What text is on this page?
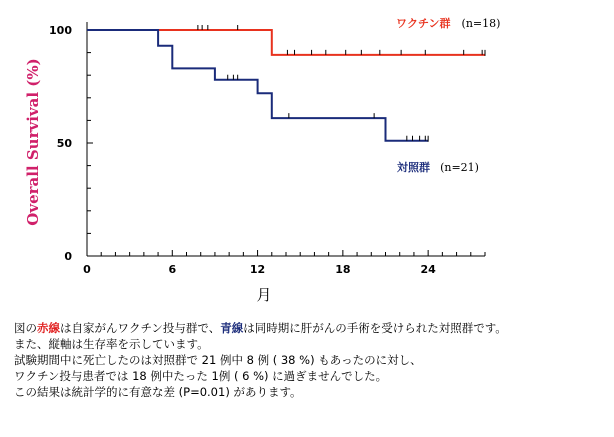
0	6	12	18	24
0
50
100
Overall Survival (%)
月
ワクチン群 (n=18)
対照群 (n=21)

図の赤線は自家がんワクチン投与群で、青線は同時期に肝がんの手術を受けられた対照群です。

また、縦軸は生存率を示しています。

試験期間中に死亡したのは対照群で 21 例中 8 例 ( 38 %) もあったのに対し、

ワクチン投与患者では 18 例中たった 1例 ( 6 %) に過ぎませんでした。

この結果は統計学的に有意な差 (P=0.01) があります。
